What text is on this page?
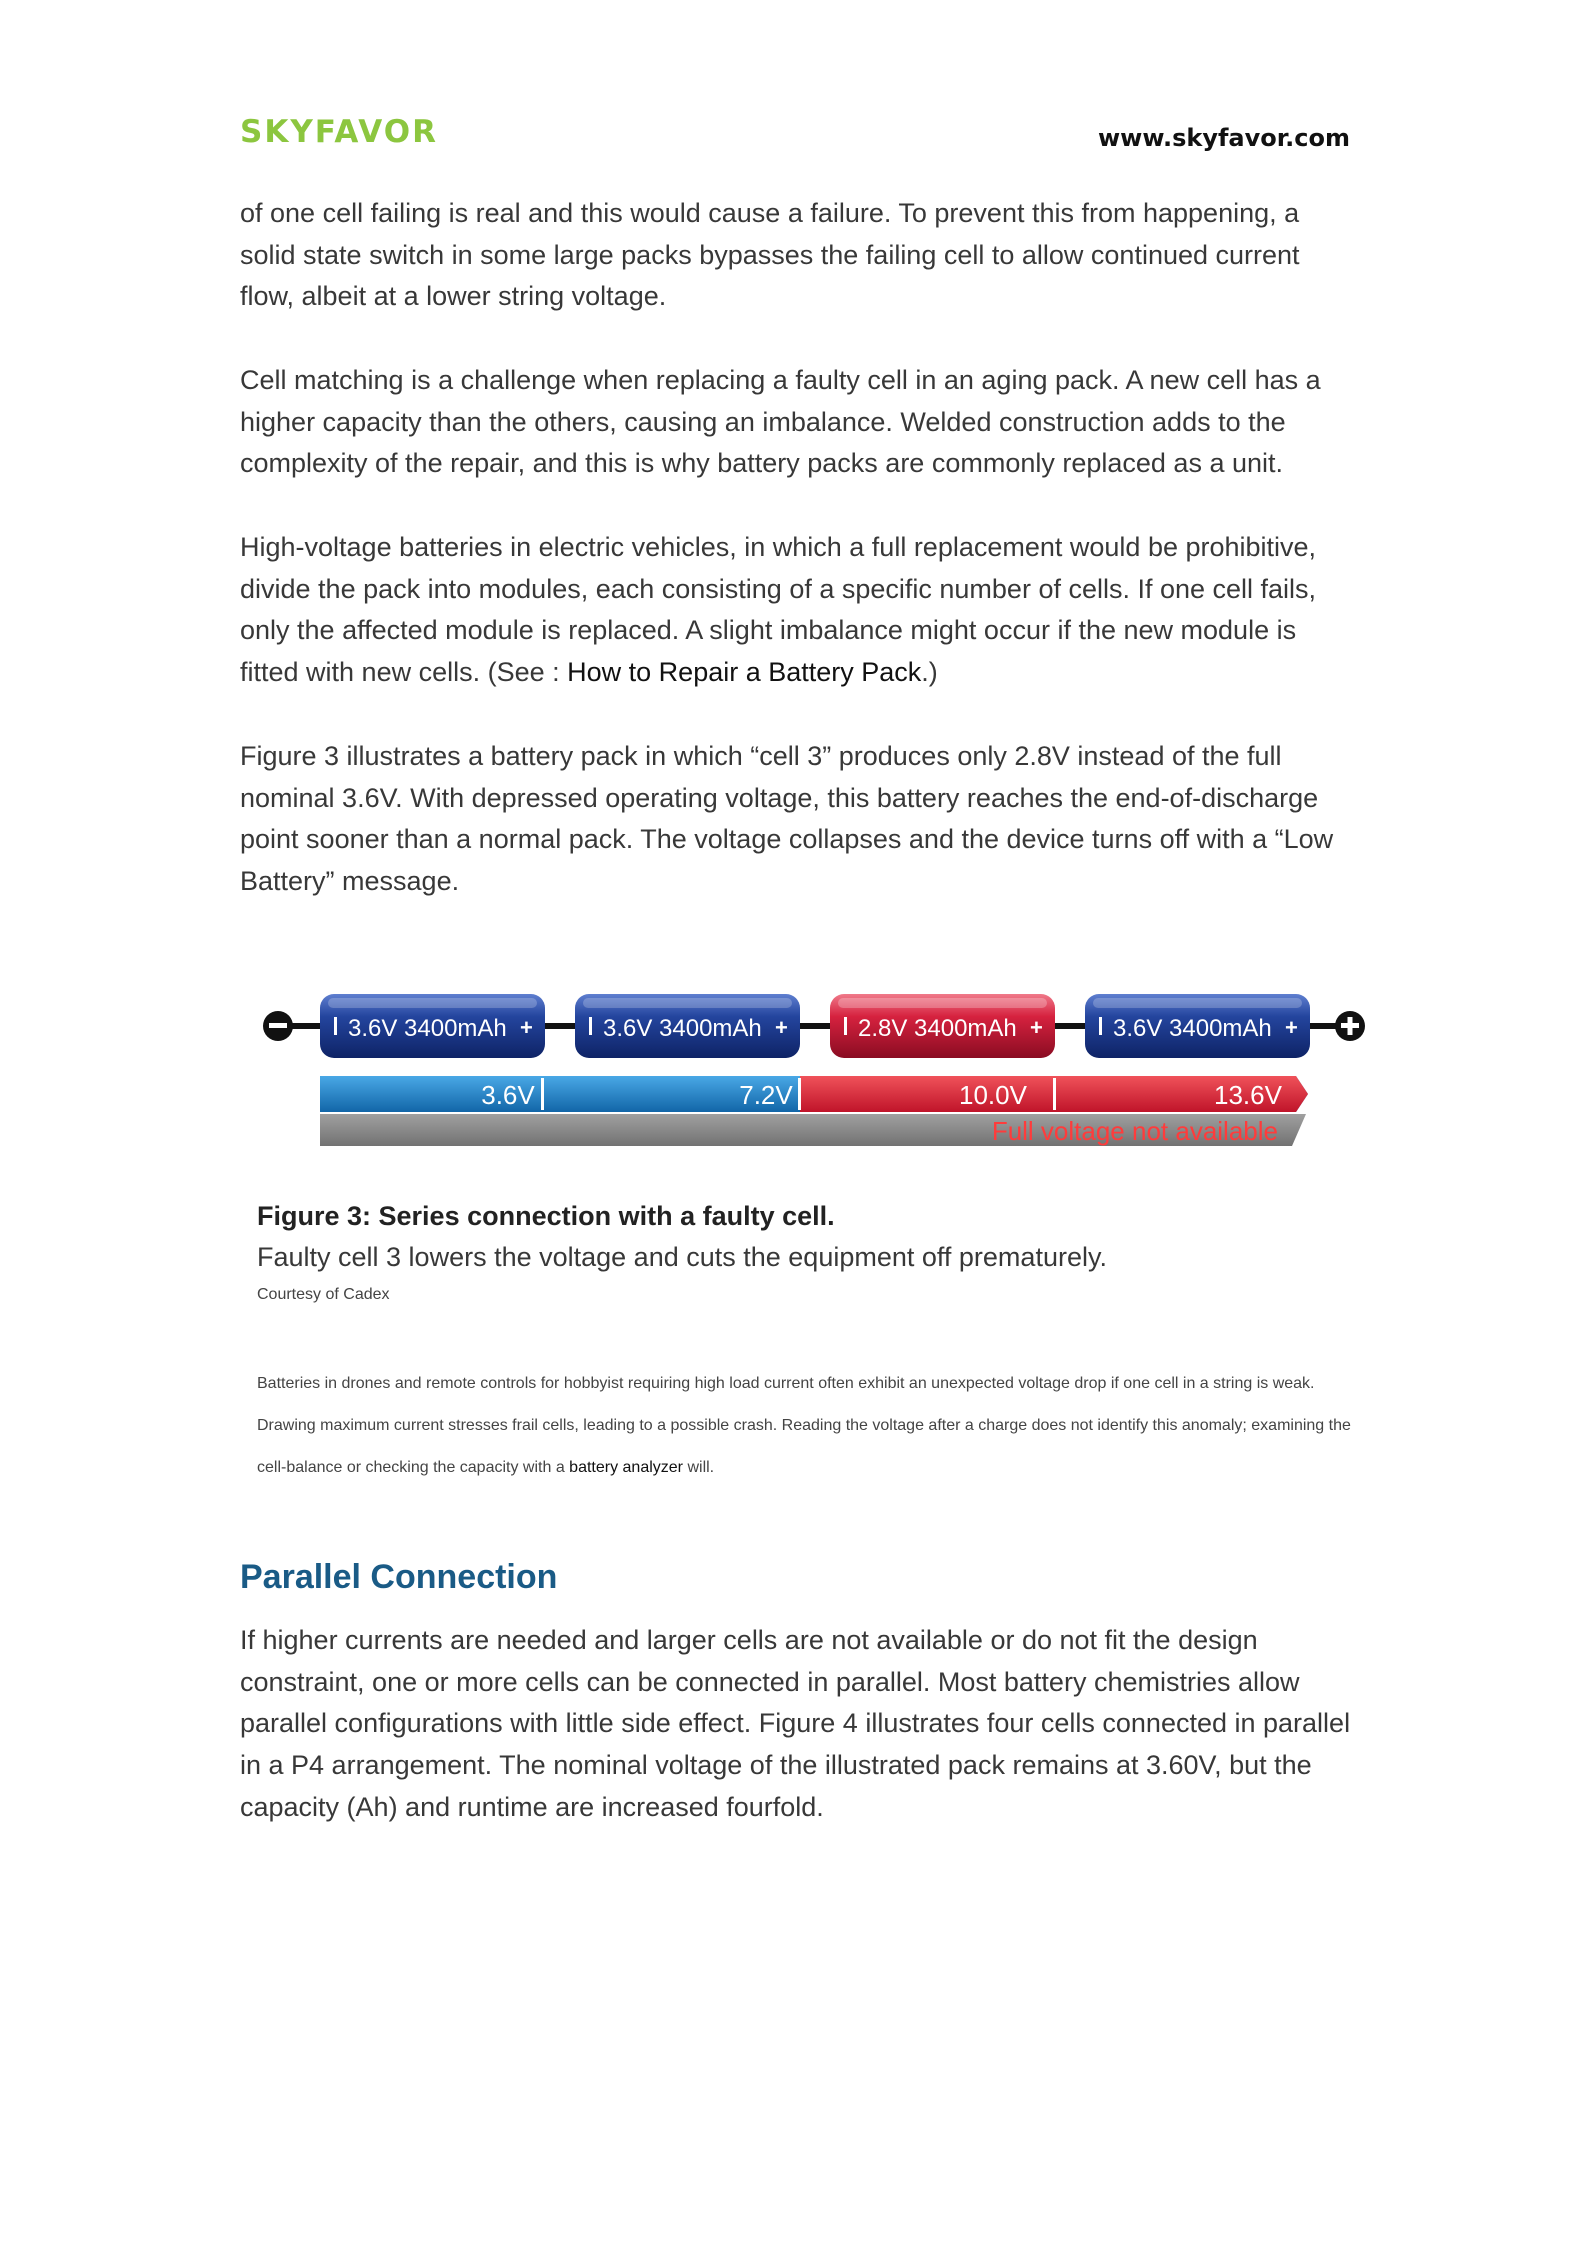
SKYFAVOR	www.skyfavor.com

of one cell failing is real and this would cause a failure. To prevent this from happening, a solid state switch in some large packs bypasses the failing cell to allow continued current flow, albeit at a lower string voltage.

Cell matching is a challenge when replacing a faulty cell in an aging pack. A new cell has a higher capacity than the others, causing an imbalance. Welded construction adds to the complexity of the repair, and this is why battery packs are commonly replaced as a unit.

High-voltage batteries in electric vehicles, in which a full replacement would be prohibitive, divide the pack into modules, each consisting of a specific number of cells. If one cell fails, only the affected module is replaced. A slight imbalance might occur if the new module is fitted with new cells. (See : How to Repair a Battery Pack.)

Figure 3 illustrates a battery pack in which “cell 3” produces only 2.8V instead of the full nominal 3.6V. With depressed operating voltage, this battery reaches the end-of-discharge point sooner than a normal pack. The voltage collapses and the device turns off with a “Low Battery” message.

3.6V 3400mAh +	3.6V 3400mAh +	2.8V 3400mAh +	3.6V 3400mAh +
3.6V	7.2V	10.0V	13.6V
Full voltage not available
Figure 3: Series connection with a faulty cell.
Faulty cell 3 lowers the voltage and cuts the equipment off prematurely.
Courtesy of Cadex

Batteries in drones and remote controls for hobbyist requiring high load current often exhibit an unexpected voltage drop if one cell in a string is weak. Drawing maximum current stresses frail cells, leading to a possible crash. Reading the voltage after a charge does not identify this anomaly; examining the cell-balance or checking the capacity with a battery analyzer will.

Parallel Connection

If higher currents are needed and larger cells are not available or do not fit the design constraint, one or more cells can be connected in parallel. Most battery chemistries allow parallel configurations with little side effect. Figure 4 illustrates four cells connected in parallel in a P4 arrangement. The nominal voltage of the illustrated pack remains at 3.60V, but the capacity (Ah) and runtime are increased fourfold.
